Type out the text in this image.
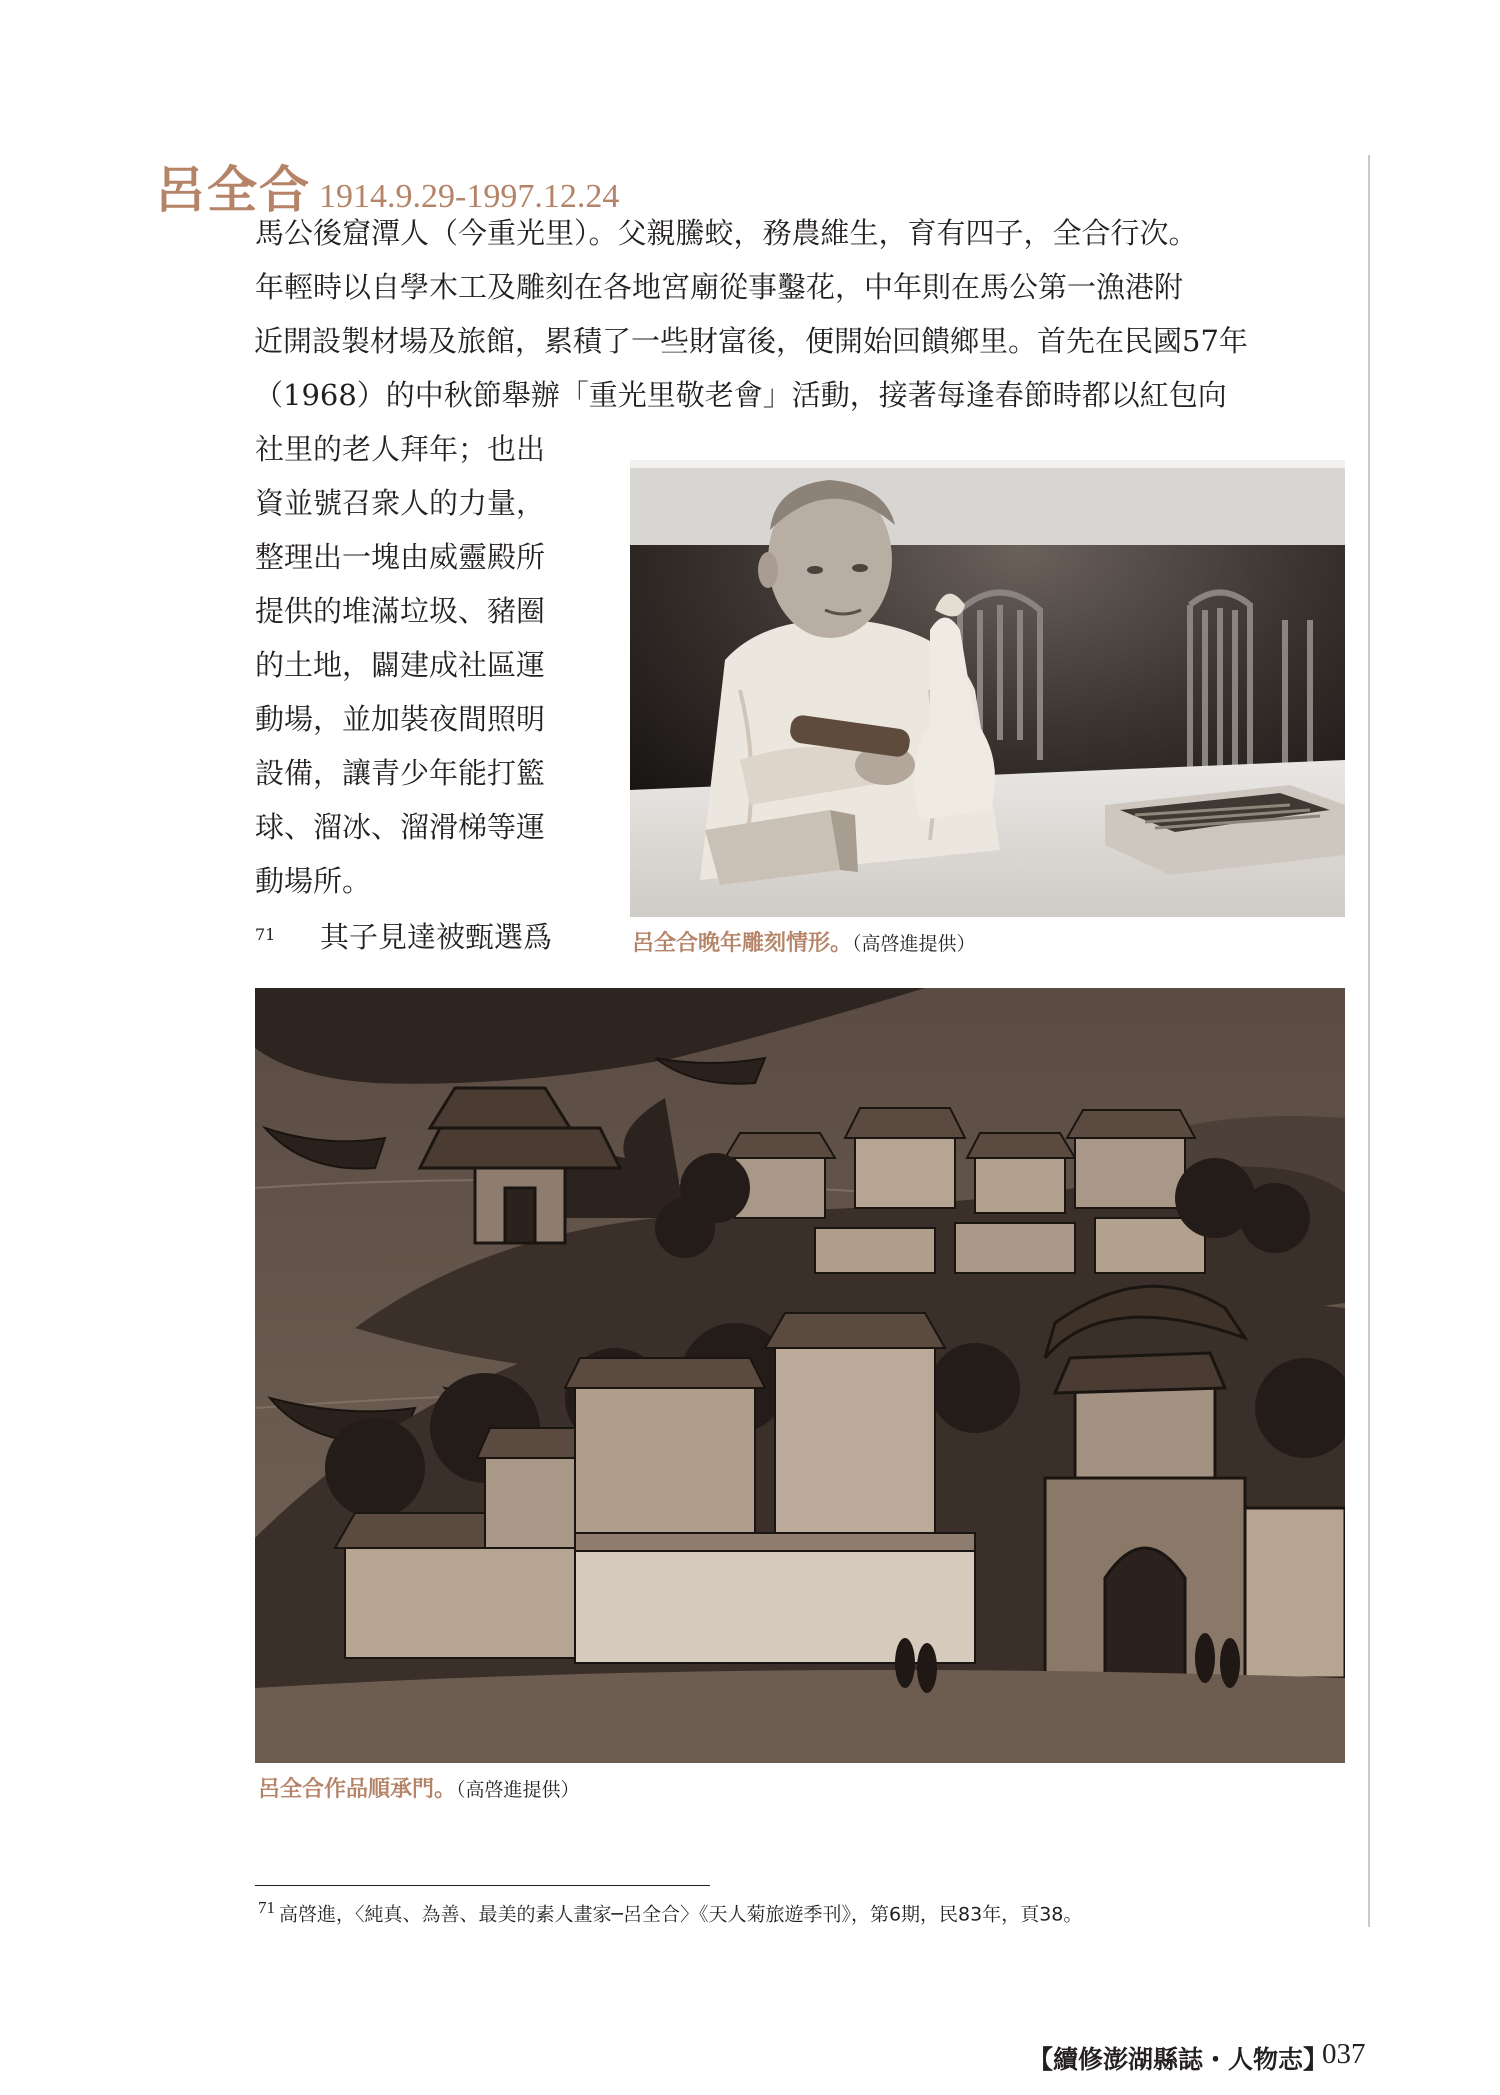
呂全合 1914.9.29-1997.12.24

馬公後窟潭人（今重光里）。父親騰蛟，務農維生，育有四子，全合行次。

年輕時以自學木工及雕刻在各地宮廟從事鑿花，中年則在馬公第一漁港附
近開設製材場及旅館，累積了一些財富後，便開始回饋鄉里。首先在民國57年
（1968）的中秋節舉辦「重光里敬老會」活動，接著每逢春節時都以紅包向

社里的老人拜年；也出
資並號召衆人的力量，
整理出一塊由威靈殿所
提供的堆滿垃圾、豬圈
的土地，闢建成社區運
動場，並加裝夜間照明
設備，讓青少年能打籃
球、溜冰、溜滑梯等運
動場所。
71	其子見達被甄選爲	呂全合晚年雕刻情形。（高啓進提供）
呂全合作品順承門。（高啓進提供）
71 高啓進，〈純真、為善、最美的素人畫家─呂全合〉《天人菊旅遊季刊》，第6期，民83年，頁38。
【續修澎湖縣誌・人物志】
037
